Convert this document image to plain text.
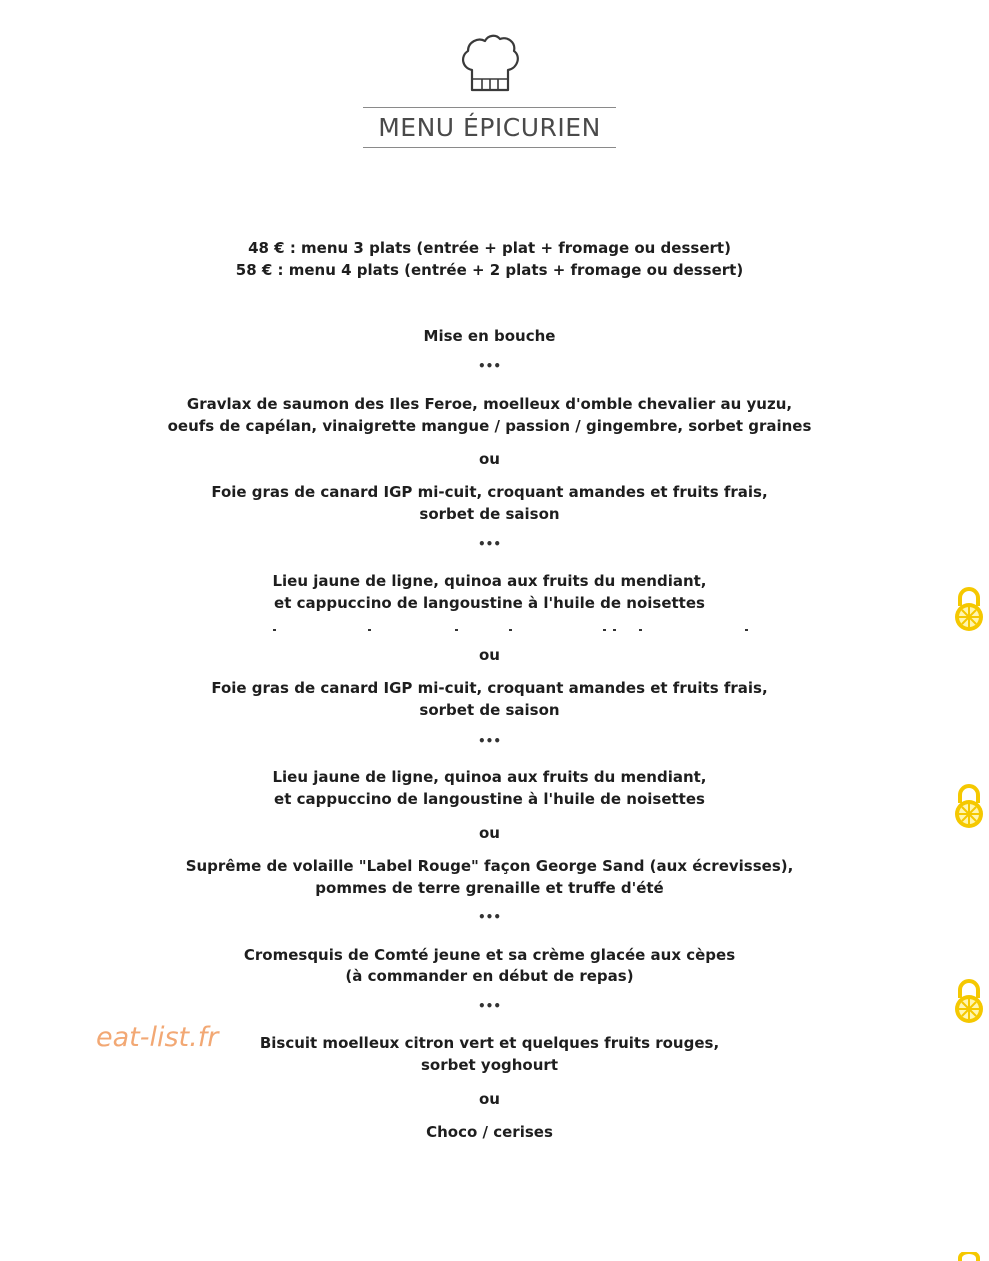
MENU ÉPICURIEN
48 € : menu 3 plats (entrée + plat + fromage ou dessert)
58 € : menu 4 plats (entrée + 2 plats + fromage ou dessert)
Mise en bouche
•••
Gravlax de saumon des Iles Feroe, moelleux d'omble chevalier au yuzu,
oeufs de capélan, vinaigrette mangue / passion / gingembre, sorbet graines
ou
Foie gras de canard IGP mi-cuit, croquant amandes et fruits frais,
sorbet de saison
•••
Lieu jaune de ligne, quinoa aux fruits du mendiant,
et cappuccino de langoustine à l'huile de noisettes
ou
Foie gras de canard IGP mi-cuit, croquant amandes et fruits frais,
sorbet de saison
•••
Lieu jaune de ligne, quinoa aux fruits du mendiant,
et cappuccino de langoustine à l'huile de noisettes
ou
Suprême de volaille "Label Rouge" façon George Sand (aux écrevisses),
pommes de terre grenaille et truffe d'été
•••
Cromesquis de Comté jeune et sa crème glacée aux cèpes
(à commander en début de repas)
•••
Biscuit moelleux citron vert et quelques fruits rouges,
sorbet yoghourt
ou
Choco / cerises
eat-list.fr
